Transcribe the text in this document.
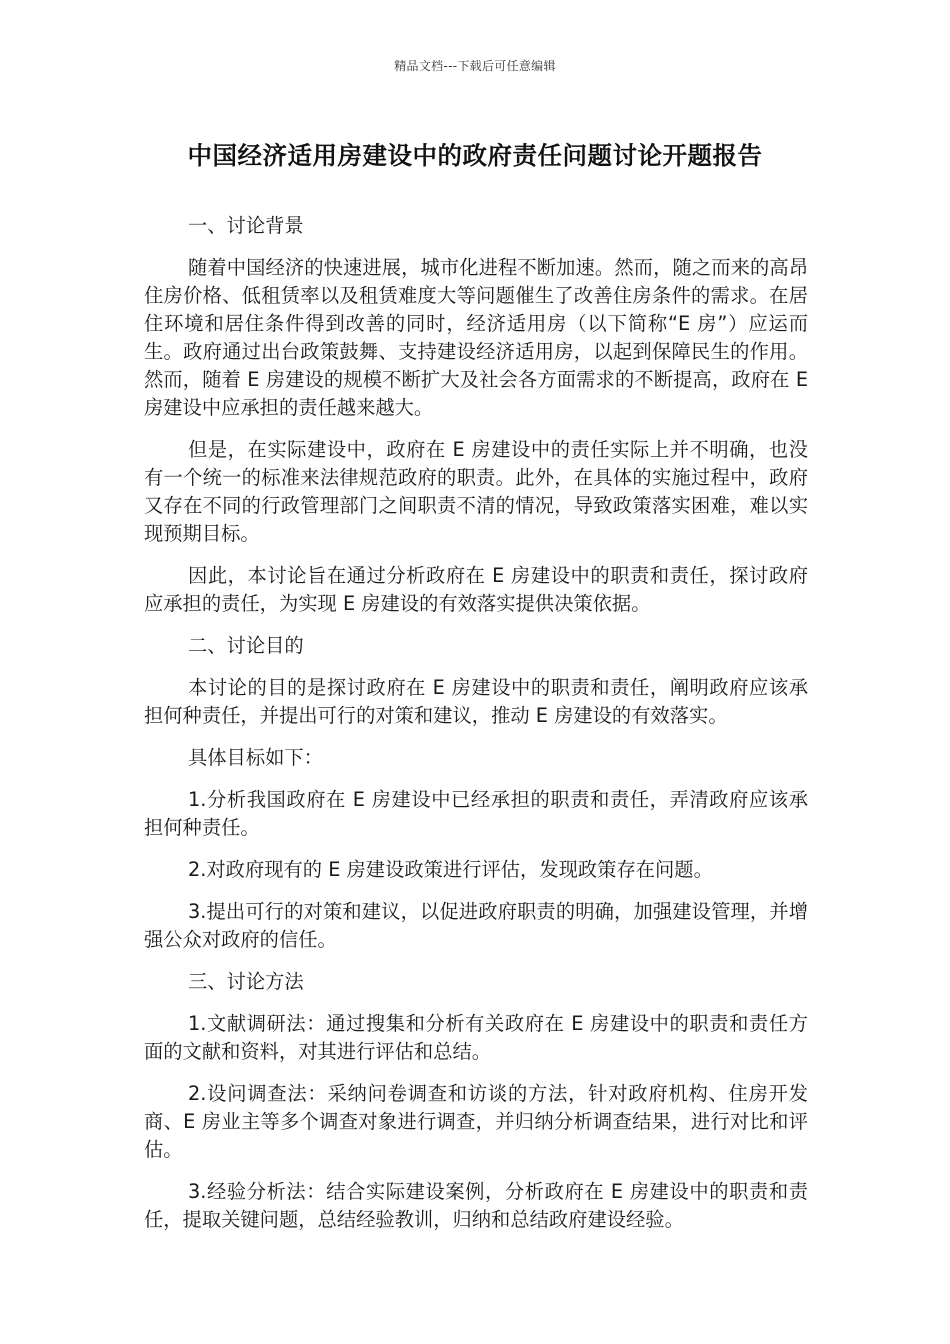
精品文档---下载后可任意编辑
中国经济适用房建设中的政府责任问题讨论开题报告
一、讨论背景
随着中国经济的快速进展，城市化进程不断加速。然而，随之而来的高昂住房价格、低租赁率以及租赁难度大等问题催生了改善住房条件的需求。在居住环境和居住条件得到改善的同时，经济适用房（以下简称“E 房”）应运而生。政府通过出台政策鼓舞、支持建设经济适用房，以起到保障民生的作用。然而，随着 E 房建设的规模不断扩大及社会各方面需求的不断提高，政府在 E 房建设中应承担的责任越来越大。
但是，在实际建设中，政府在 E 房建设中的责任实际上并不明确，也没有一个统一的标准来法律规范政府的职责。此外，在具体的实施过程中，政府又存在不同的行政管理部门之间职责不清的情况，导致政策落实困难，难以实现预期目标。
因此，本讨论旨在通过分析政府在 E 房建设中的职责和责任，探讨政府应承担的责任，为实现 E 房建设的有效落实提供决策依据。
二、讨论目的
本讨论的目的是探讨政府在 E 房建设中的职责和责任，阐明政府应该承担何种责任，并提出可行的对策和建议，推动 E 房建设的有效落实。
具体目标如下：
1.分析我国政府在 E 房建设中已经承担的职责和责任，弄清政府应该承担何种责任。
2.对政府现有的 E 房建设政策进行评估，发现政策存在问题。
3.提出可行的对策和建议，以促进政府职责的明确，加强建设管理，并增强公众对政府的信任。
三、讨论方法
1.文献调研法：通过搜集和分析有关政府在 E 房建设中的职责和责任方面的文献和资料，对其进行评估和总结。
2.设问调查法：采纳问卷调查和访谈的方法，针对政府机构、住房开发商、E 房业主等多个调查对象进行调查，并归纳分析调查结果，进行对比和评估。
3.经验分析法：结合实际建设案例，分析政府在 E 房建设中的职责和责任，提取关键问题，总结经验教训，归纳和总结政府建设经验。
